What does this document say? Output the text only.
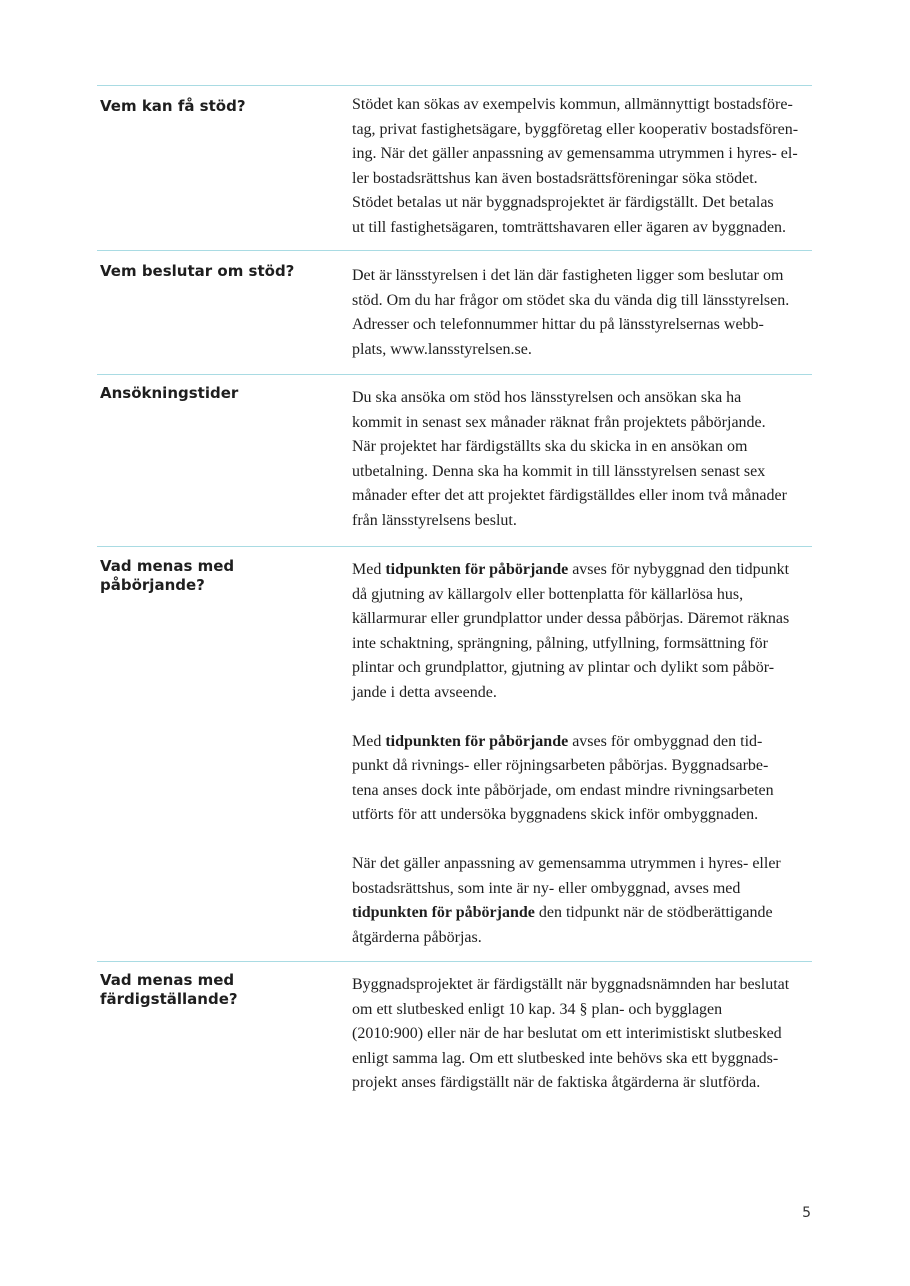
Vem kan få stöd?	Stödet kan sökas av exempelvis kommun, allmännyttigt bostadsföre-
tag, privat fastighetsägare, byggföretag eller kooperativ bostadsfören-
ing. När det gäller anpassning av gemensamma utrymmen i hyres- el-
ler bostadsrättshus kan även bostadsrättsföreningar söka stödet.
Stödet betalas ut när byggnadsprojektet är färdigställt. Det betalas
ut till fastighetsägaren, tomträttshavaren eller ägaren av byggnaden.

Vem beslutar om stöd?	Det är länsstyrelsen i det län där fastigheten ligger som beslutar om
stöd. Om du har frågor om stödet ska du vända dig till länsstyrelsen.
Adresser och telefonnummer hittar du på länsstyrelsernas webb-
plats, www.lansstyrelsen.se.

Ansökningstider	Du ska ansöka om stöd hos länsstyrelsen och ansökan ska ha
kommit in senast sex månader räknat från projektets påbörjande.
När projektet har färdigställts ska du skicka in en ansökan om
utbetalning. Denna ska ha kommit in till länsstyrelsen senast sex
månader efter det att projektet färdigställdes eller inom två månader
från länsstyrelsens beslut.

Vad menas med påbörjande?
Med tidpunkten för påbörjande avses för nybyggnad den tidpunkt
då gjutning av källargolv eller bottenplatta för källarlösa hus,
källarmurar eller grundplattor under dessa påbörjas. Däremot räknas
inte schaktning, sprängning, pålning, utfyllning, formsättning för
plintar och grundplattor, gjutning av plintar och dylikt som påbör-
jande i detta avseende.
Med tidpunkten för påbörjande avses för ombyggnad den tid-
punkt då rivnings- eller röjningsarbeten påbörjas. Byggnadsarbe-
tena anses dock inte påbörjade, om endast mindre rivningsarbeten
utförts för att undersöka byggnadens skick inför ombyggnaden.
När det gäller anpassning av gemensamma utrymmen i hyres- eller
bostadsrättshus, som inte är ny- eller ombyggnad, avses med
tidpunkten för påbörjande den tidpunkt när de stödberättigande
åtgärderna påbörjas.
Vad menas med
färdigställande?

Byggnadsprojektet är färdigställt när byggnadsnämnden har beslutat
om ett slutbesked enligt 10 kap. 34 § plan- och bygglagen
(2010:900) eller när de har beslutat om ett interimistiskt slutbesked
enligt samma lag. Om ett slutbesked inte behövs ska ett byggnads-
projekt anses färdigställt när de faktiska åtgärderna är slutförda.

5
